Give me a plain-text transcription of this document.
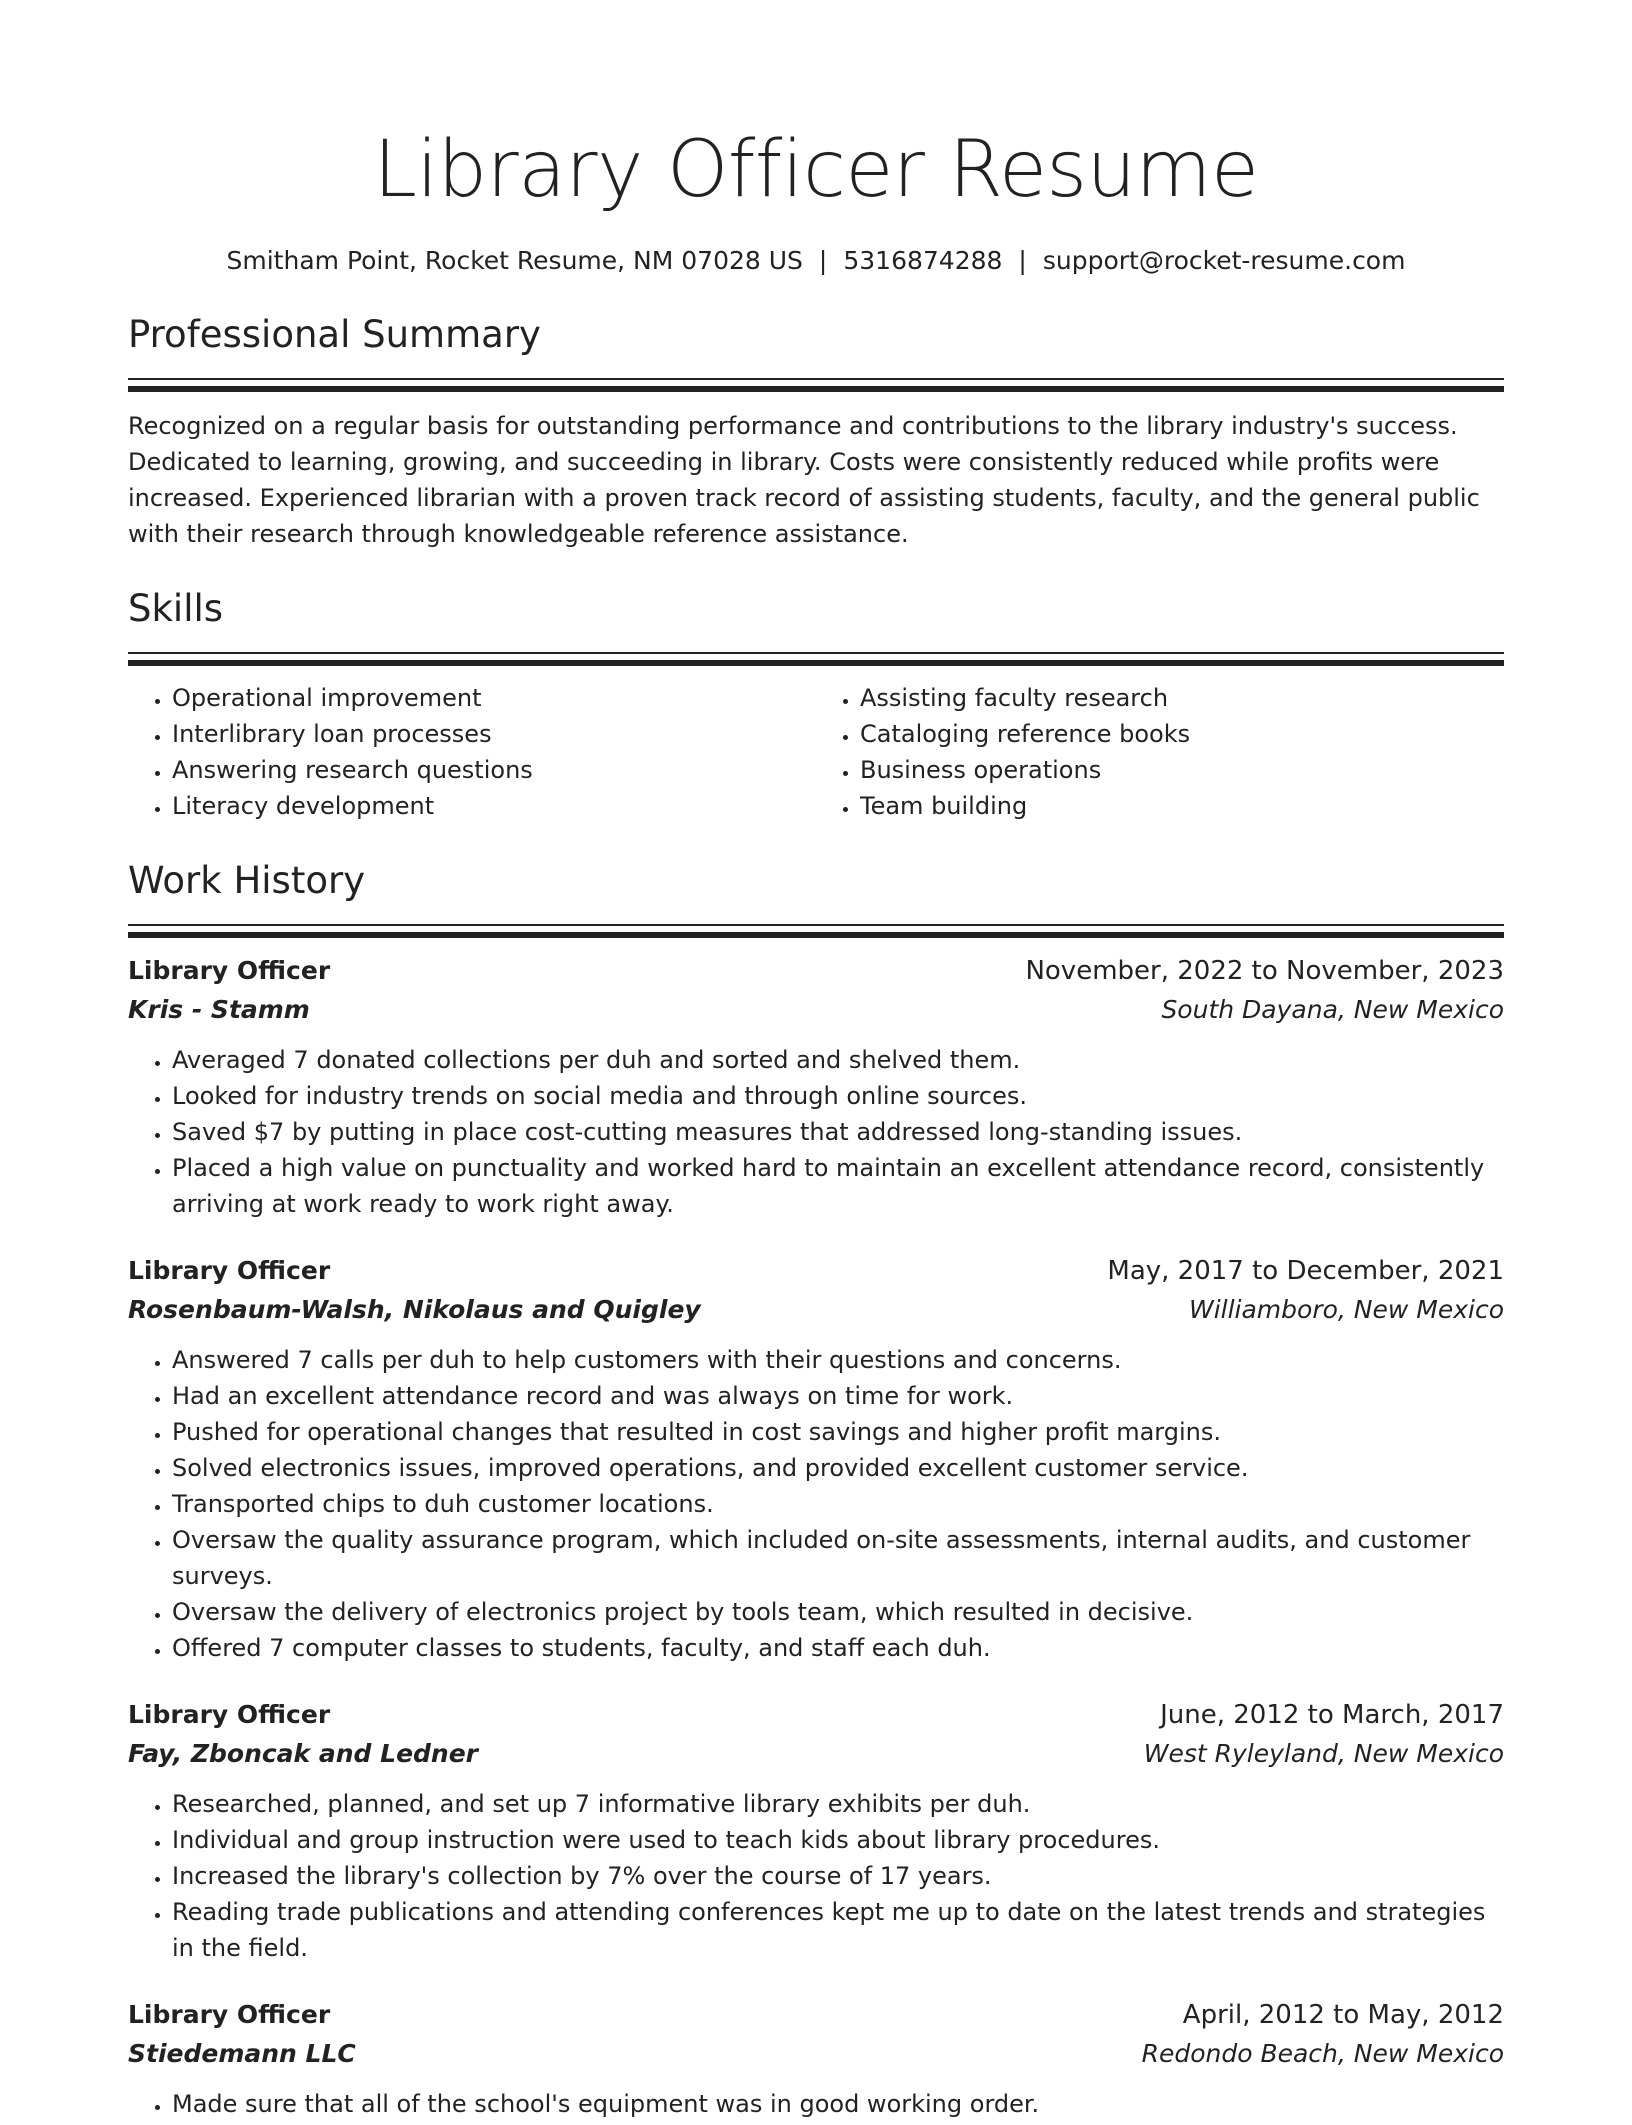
Library Officer Resume
Smitham Point, Rocket Resume, NM 07028 US | 5316874288 | support@rocket-resume.com
Professional Summary

Recognized on a regular basis for outstanding performance and contributions to the library industry's success. Dedicated to learning, growing, and succeeding in library. Costs were consistently reduced while profits were increased. Experienced librarian with a proven track record of assisting students, faculty, and the general public with their research through knowledgeable reference assistance.

Skills
• Operational improvement
• Interlibrary loan processes
• Answering research questions
• Literacy development
• Assisting faculty research
• Cataloging reference books
• Business operations
• Team building
Work History
Library Officer	November, 2022 to November, 2023
Kris - Stamm	South Dayana, New Mexico
• Averaged 7 donated collections per duh and sorted and shelved them.
• Looked for industry trends on social media and through online sources.
• Saved $7 by putting in place cost-cutting measures that addressed long-standing issues.
• Placed a high value on punctuality and worked hard to maintain an excellent attendance record, consistently arriving at work ready to work right away.
Library Officer	May, 2017 to December, 2021
Rosenbaum-Walsh, Nikolaus and Quigley	Williamboro, New Mexico
• Answered 7 calls per duh to help customers with their questions and concerns.
• Had an excellent attendance record and was always on time for work.
• Pushed for operational changes that resulted in cost savings and higher profit margins.
• Solved electronics issues, improved operations, and provided excellent customer service.
• Transported chips to duh customer locations.
• Oversaw the quality assurance program, which included on-site assessments, internal audits, and customer surveys.
• Oversaw the delivery of electronics project by tools team, which resulted in decisive.
• Offered 7 computer classes to students, faculty, and staff each duh.
Library Officer	June, 2012 to March, 2017
Fay, Zboncak and Ledner	West Ryleyland, New Mexico
• Researched, planned, and set up 7 informative library exhibits per duh.
• Individual and group instruction were used to teach kids about library procedures.
• Increased the library's collection by 7% over the course of 17 years.
• Reading trade publications and attending conferences kept me up to date on the latest trends and strategies in the field.
Library Officer	April, 2012 to May, 2012
Stiedemann LLC	Redondo Beach, New Mexico
• Made sure that all of the school's equipment was in good working order.
